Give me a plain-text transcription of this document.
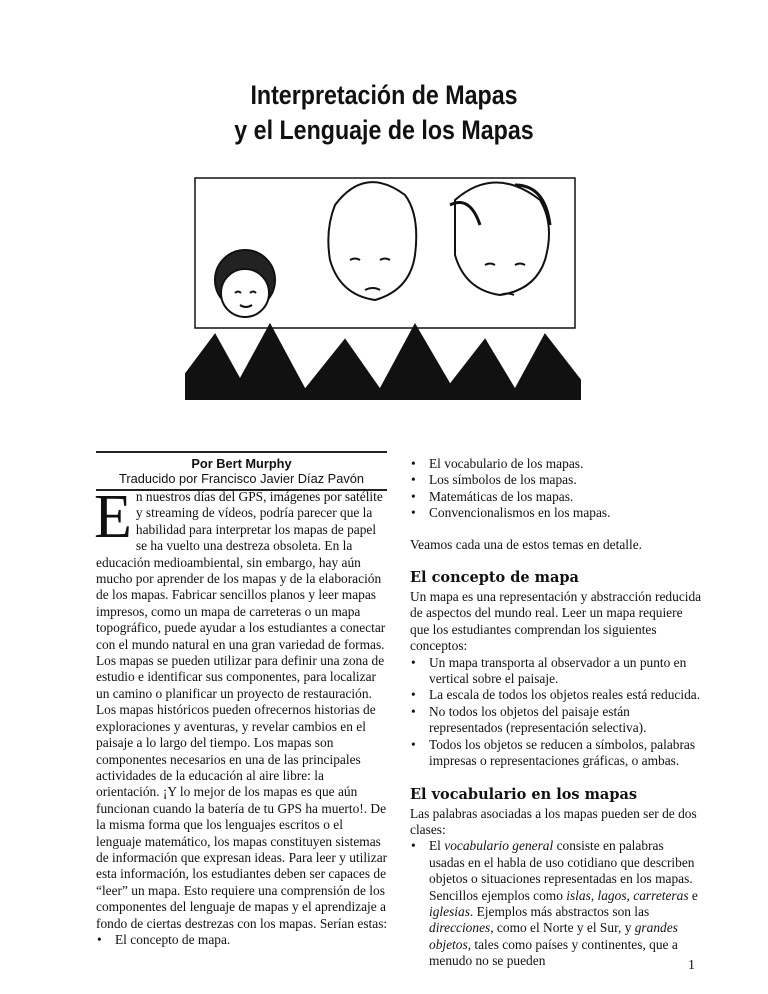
Interpretación de Mapas
y el Lenguaje de los Mapas
Por Bert Murphy
Traducido por Francisco Javier Díaz Pavón

En nuestros días del GPS, imágenes por satélite y streaming de vídeos, podría parecer que la habilidad para interpretar los mapas de papel se ha vuelto una destreza obsoleta. En la educación medioambiental, sin embargo, hay aún mucho por aprender de los mapas y de la elaboración de los mapas. Fabricar sencillos planos y leer mapas impresos, como un mapa de carreteras o un mapa topográfico, puede ayudar a los estudiantes a conectar con el mundo natural en una gran variedad de formas. Los mapas se pueden utilizar para definir una zona de estudio e identificar sus componentes, para localizar un camino o planificar un proyecto de restauración. Los mapas históricos pueden ofrecernos historias de exploraciones y aventuras, y revelar cambios en el paisaje a lo largo del tiempo. Los mapas son componentes necesarios en una de las principales actividades de la educación al aire libre: la orientación. ¡Y lo mejor de los mapas es que aún funcionan cuando la batería de tu GPS ha muerto!. De la misma forma que los lenguajes escritos o el lenguaje matemático, los mapas constituyen sistemas de información que expresan ideas. Para leer y utilizar esta información, los estudiantes deben ser capaces de “leer” un mapa. Esto requiere una comprensión de los componentes del lenguaje de mapas y el aprendizaje a fondo de ciertas destrezas con los mapas. Serían estas:

• El concepto de mapa.
• El vocabulario de los mapas.
• Los símbolos de los mapas.
• Matemáticas de los mapas.
• Convencionalismos en los mapas.

Veamos cada una de estos temas en detalle.

El concepto de mapa

Un mapa es una representación y abstracción reducida de aspectos del mundo real. Leer un mapa requiere que los estudiantes comprendan los siguientes conceptos:

• Un mapa transporta al observador a un punto en vertical sobre el paisaje.
• La escala de todos los objetos reales está reducida.
• No todos los objetos del paisaje están representados (representación selectiva).
• Todos los objetos se reducen a símbolos, palabras impresas o representaciones gráficas, o ambas.
El vocabulario en los mapas

Las palabras asociadas a los mapas pueden ser de dos clases:

• El vocabulario general consiste en palabras usadas en el habla de uso cotidiano que describen objetos o situaciones representadas en los mapas. Sencillos ejemplos como islas, lagos, carreteras e iglesias. Ejemplos más abstractos son las direcciones, como el Norte y el Sur, y grandes objetos, tales como países y continentes, que a menudo no se pueden	1
